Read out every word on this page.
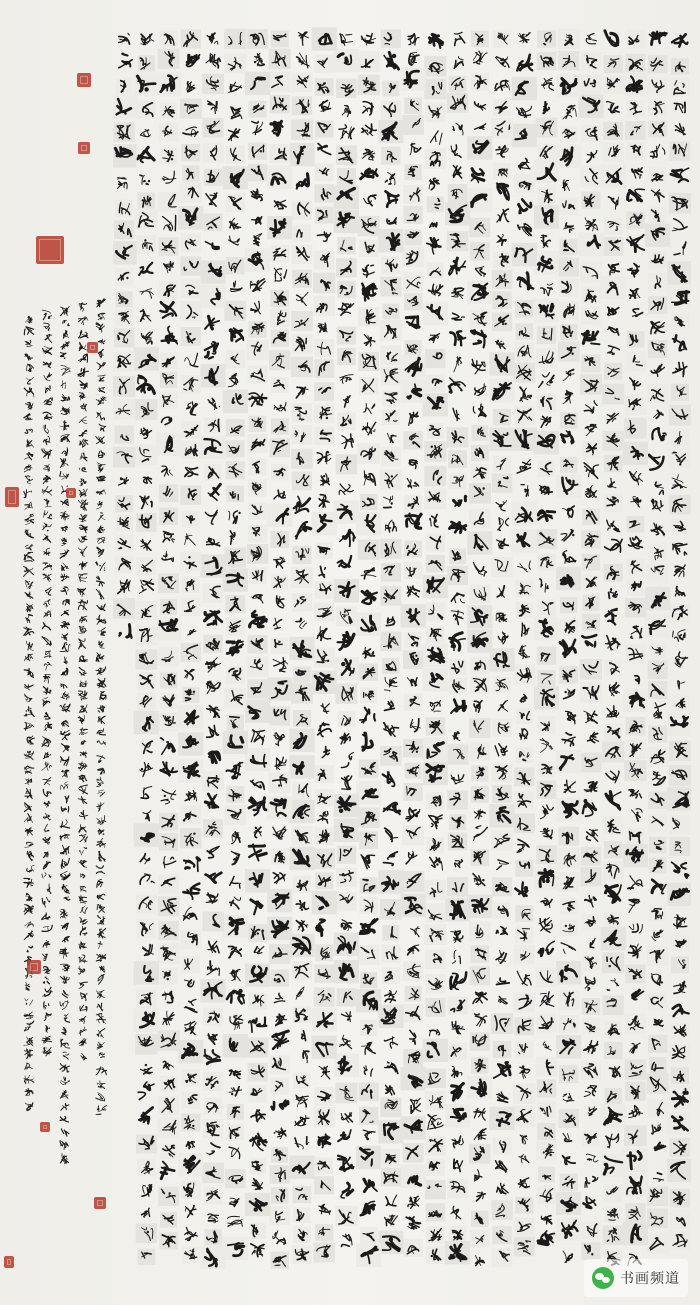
书画频道
